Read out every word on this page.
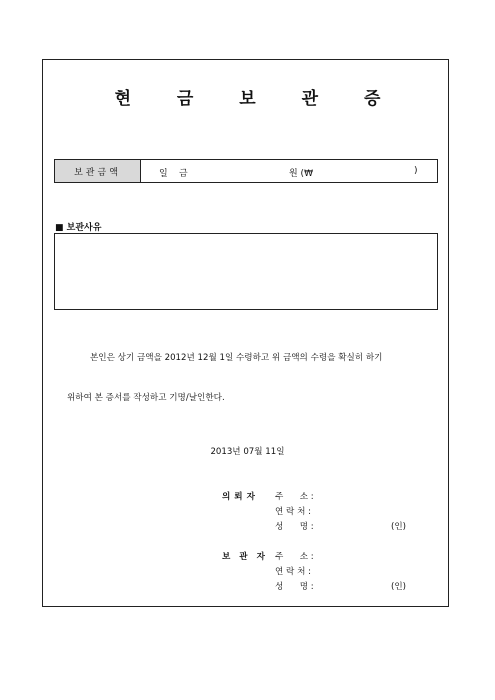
현 금 보 관 증
보관금액	일 금	원 (₩	)
■ 보관사유
본인은 상기 금액을 2012년 12월 1일 수령하고 위 금액의 수령을 확실히 하기
위하여 본 증서를 작성하고 기명/날인한다.
2013년 07월 11일
의뢰자 주      소 :
연 락 처 :
성      명 :	(인)
보 관 자 주      소 :
연 락 처 :
성      명 :	(인)
